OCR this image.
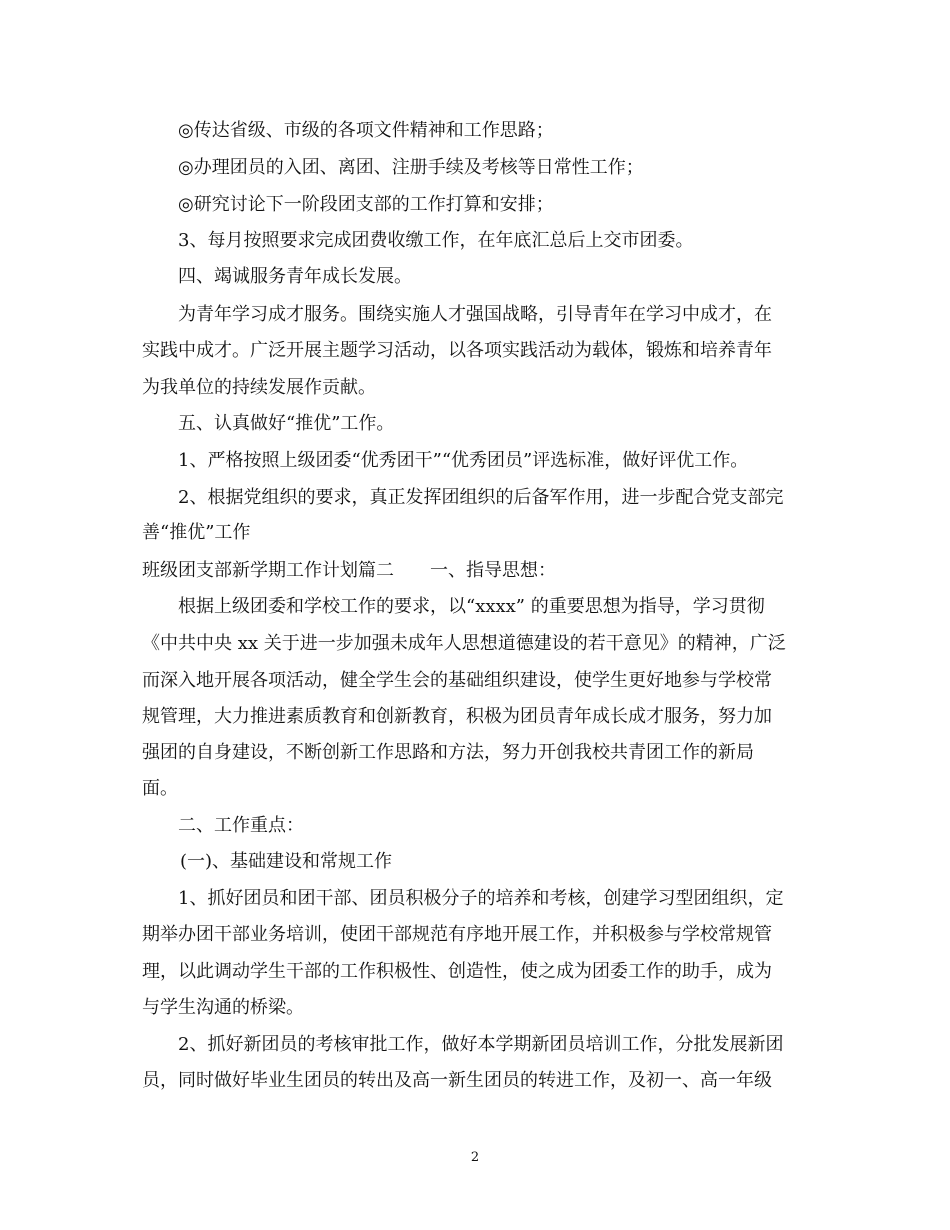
◎传达省级、市级的各项文件精神和工作思路；
◎办理团员的入团、离团、注册手续及考核等日常性工作；
◎研究讨论下一阶段团支部的工作打算和安排；
3、每月按照要求完成团费收缴工作，在年底汇总后上交市团委。
四、竭诚服务青年成长发展。
为青年学习成才服务。围绕实施人才强国战略，引导青年在学习中成才，在
实践中成才。广泛开展主题学习活动，以各项实践活动为载体，锻炼和培养青年
为我单位的持续发展作贡献。
五、认真做好“推优”工作。
1、严格按照上级团委“优秀团干”“优秀团员”评选标准，做好评优工作。
2、根据党组织的要求，真正发挥团组织的后备军作用，进一步配合党支部完
善“推优”工作
班级团支部新学期工作计划篇二　　一、指导思想：
根据上级团委和学校工作的要求，以“xxxx” 的重要思想为指导，学习贯彻
《中共中央 xx 关于进一步加强未成年人思想道德建设的若干意见》的精神，广泛
而深入地开展各项活动，健全学生会的基础组织建设，使学生更好地参与学校常
规管理，大力推进素质教育和创新教育，积极为团员青年成长成才服务，努力加
强团的自身建设，不断创新工作思路和方法，努力开创我校共青团工作的新局
面。
二、工作重点：
(一)、基础建设和常规工作
1、抓好团员和团干部、团员积极分子的培养和考核，创建学习型团组织，定
期举办团干部业务培训，使团干部规范有序地开展工作，并积极参与学校常规管
理，以此调动学生干部的工作积极性、创造性，使之成为团委工作的助手，成为
与学生沟通的桥梁。
2、抓好新团员的考核审批工作，做好本学期新团员培训工作，分批发展新团
员，同时做好毕业生团员的转出及高一新生团员的转进工作，及初一、高一年级
2
